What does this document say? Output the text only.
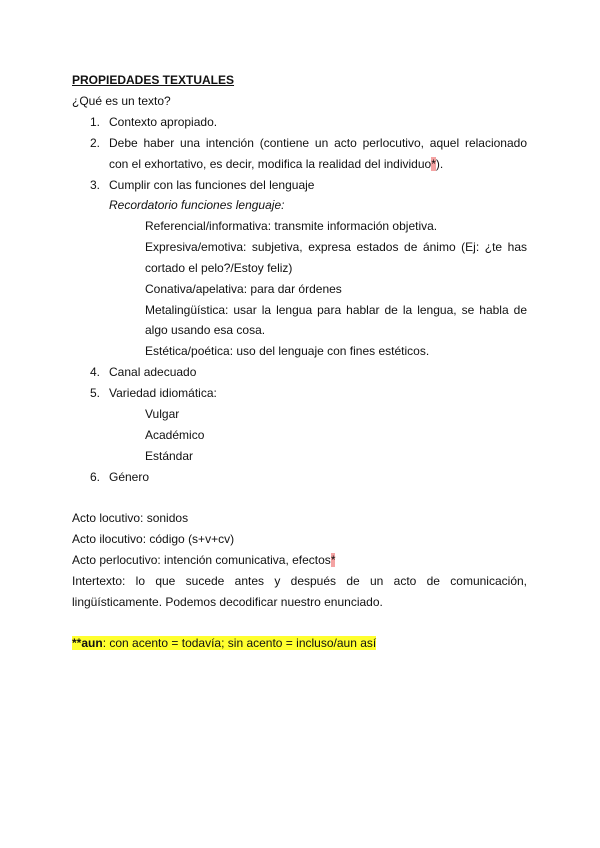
PROPIEDADES TEXTUALES
¿Qué es un texto?
1. Contexto apropiado.
2. Debe haber una intención (contiene un acto perlocutivo, aquel relacionado
con el exhortativo, es decir, modifica la realidad del individuo*).
3. Cumplir con las funciones del lenguaje
Recordatorio funciones lenguaje:
Referencial/informativa: transmite información objetiva.
Expresiva/emotiva: subjetiva, expresa estados de ánimo (Ej: ¿te has
cortado el pelo?/Estoy feliz)
Conativa/apelativa: para dar órdenes
Metalingüística: usar la lengua para hablar de la lengua, se habla de
algo usando esa cosa.
Estética/poética: uso del lenguaje con fines estéticos.
4. Canal adecuado
5. Variedad idiomática:
Vulgar
Académico
Estándar
6. Género
Acto locutivo: sonidos
Acto ilocutivo: código (s+v+cv)
Acto perlocutivo: intención comunicativa, efectos*
Intertexto: lo que sucede antes y después de un acto de comunicación,
lingüísticamente. Podemos decodificar nuestro enunciado.
**aun: con acento = todavía; sin acento = incluso/aun así
